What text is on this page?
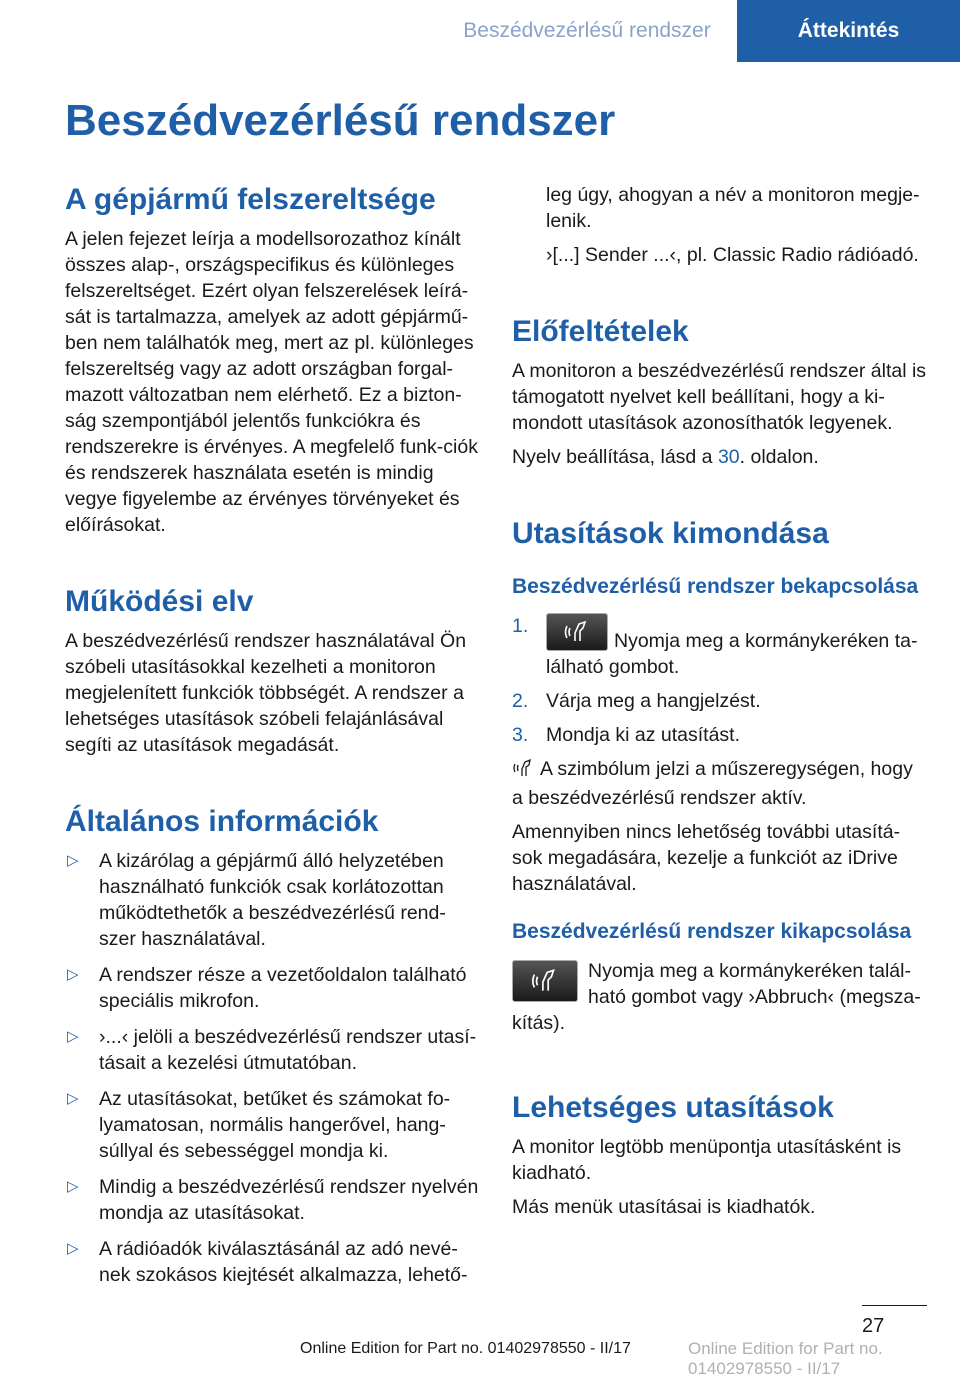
Beszédvezérlésű rendszer	Áttekintés
Beszédvezérlésű rendszer
A gépjármű felszereltsége

A jelen fejezet leírja a modellsorozathoz kínált összes alap-, országspecifikus és különleges felszereltséget. Ezért olyan felszerelések leírá-sát is tartalmazza, amelyek az adott gépjármű-ben nem találhatók meg, mert az pl. különleges felszereltség vagy az adott országban forgal-mazott változatban nem elérhető. Ez a bizton-ság szempontjából jelentős funkciókra és rendszerekre is érvényes. A megfelelő funk-ciók és rendszerek használata esetén is mindig vegye figyelembe az érvényes törvényeket és előírásokat.

Működési elv

A beszédvezérlésű rendszer használatával Ön szóbeli utasításokkal kezelheti a monitoron megjelenített funkciók többségét. A rendszer a lehetséges utasítások szóbeli felajánlásával segíti az utasítások megadását.

Általános információk
▷ A kizárólag a gépjármű álló helyzetében használható funkciók csak korlátozottan működtethetők a beszédvezérlésű rend-szer használatával.
▷ A rendszer része a vezetőoldalon található speciális mikrofon.
▷ ›...‹ jelöli a beszédvezérlésű rendszer utasí-tásait a kezelési útmutatóban.
▷ Az utasításokat, betűket és számokat fo-lyamatosan, normális hangerővel, hang-súllyal és sebességgel mondja ki.
▷ Mindig a beszédvezérlésű rendszer nyelvén mondja az utasításokat.
▷ A rádióadók kiválasztásánál az adó nevé-nek szokásos kiejtését alkalmazza, lehető-
leg úgy, ahogyan a név a monitoron megje-lenik.
›[...] Sender ...‹, pl. Classic Radio rádióadó.
Előfeltételek

A monitoron a beszédvezérlésű rendszer által is támogatott nyelvet kell beállítani, hogy a ki-mondott utasítások azonosíthatók legyenek.

Nyelv beállítása, lásd a 30. oldalon.

Utasítások kimondása
Beszédvezérlésű rendszer bekapcsolása
1.
Nyomja meg a kormánykeréken ta-lálható gombot.
2. Várja meg a hangjelzést.
3. Mondja ki az utasítást.

A szimbólum jelzi a műszeregységen, hogy a beszédvezérlésű rendszer aktív.

Amennyiben nincs lehetőség további utasítá-sok megadására, kezelje a funkciót az iDrive használatával.

Beszédvezérlésű rendszer kikapcsolása

Nyomja meg a kormánykeréken talál-ható gombot vagy ›Abbruch‹ (megsza-kítás).

Lehetséges utasítások

A monitor legtöbb menüpontja utasításként is kiadható.

Más menük utasításai is kiadhatók.

27
Online Edition for Part no. 01402978550 - II/17	Online Edition for Part no. 01402978550 - II/17
